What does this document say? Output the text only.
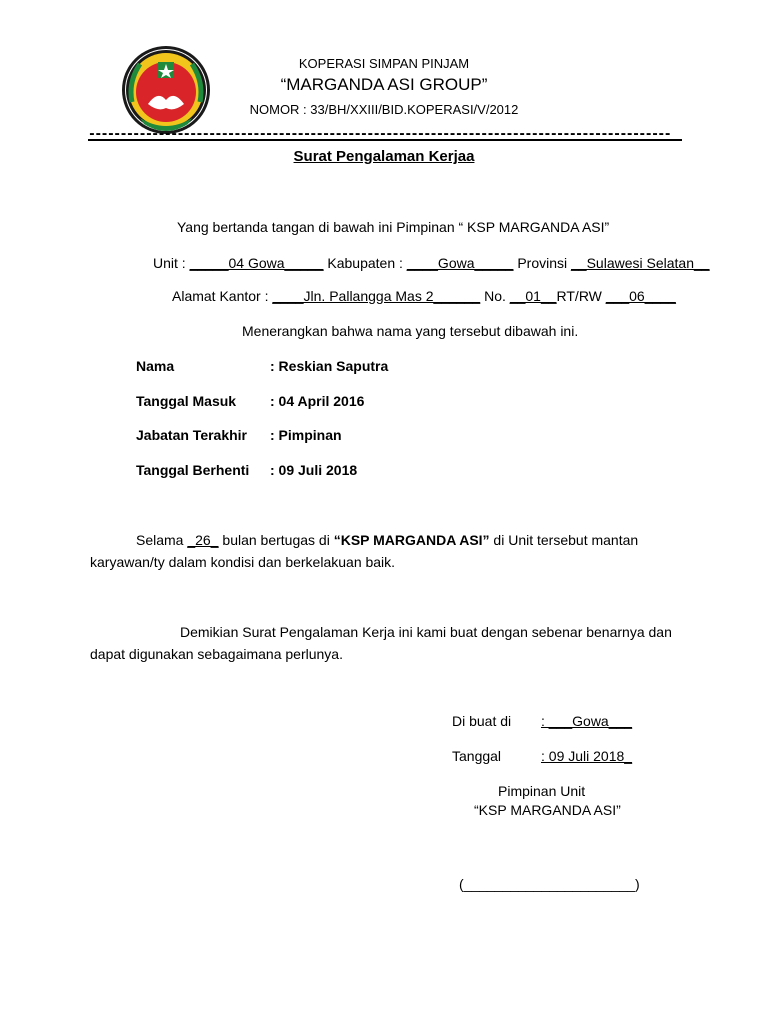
KOPERASI SIMPAN PINJAM
“MARGANDA ASI GROUP”
NOMOR : 33/BH/XXIII/BID.KOPERASI/V/2012
--------------------------------------------------------------------------------------------
Surat Pengalaman Kerjaa
Yang bertanda tangan di bawah ini Pimpinan “ KSP MARGANDA ASI”
Unit : _____04 Gowa_____ Kabupaten : ____Gowa_____ Provinsi __Sulawesi Selatan__
Alamat Kantor : ____Jln. Pallangga Mas 2______ No. __01__RT/RW ___06____
Menerangkan bahwa nama yang tersebut dibawah ini.
Nama	: Reskian Saputra
Tanggal Masuk : 04 April 2016
Jabatan Terakhir : Pimpinan
Tanggal Berhenti : 09 Juli 2018
Selama _26_ bulan bertugas di “KSP MARGANDA ASI” di Unit tersebut mantan karyawan/ty dalam kondisi dan berkelakuan baik.
Demikian Surat Pengalaman Kerja ini kami buat dengan sebenar benarnya dan dapat digunakan sebagaimana perlunya.
Di buat di : ___Gowa___
Tanggal	: 09 Juli 2018_
Pimpinan Unit
“KSP MARGANDA ASI”
(______________________)
